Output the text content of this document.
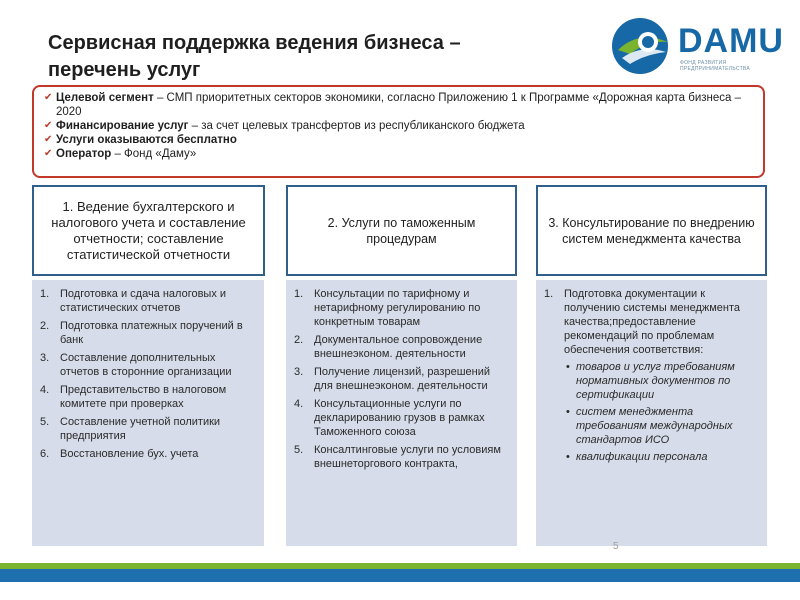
Сервисная поддержка ведения бизнеса –
перечень услуг
DAMU
ФОНД РАЗВИТИЯ ПРЕДПРИНИМАТЕЛЬСТВА
✔ Целевой сегмент – СМП приоритетных секторов экономики, согласно Приложению 1 к Программе «Дорожная карта бизнеса – 2020
✔ Финансирование услуг – за счет целевых трансфертов из республиканского бюджета
✔ Услуги оказываются бесплатно
✔ Оператор – Фонд «Даму»
1. Ведение бухгалтерского и налогового учета и составление отчетности; составление статистической отчетности
2. Услуги по таможенным процедурам
3. Консультирование по внедрению систем менеджмента качества
1. Подготовка и сдача налоговых и статистических отчетов
2. Подготовка платежных поручений в банк
3. Составление дополнительных отчетов в сторонние организации
4. Представительство в налоговом комитете при проверках
5. Составление учетной политики предприятия
6. Восстановление бух. учета
1. Консультации по тарифному и нетарифному регулированию по конкретным товарам
2. Документальное сопровождение внешнеэконом. деятельности
3. Получение лицензий, разрешений для внешнеэконом. деятельности
4. Консультационные услуги по декларированию грузов в рамках Таможенного союза
5. Консалтинговые услуги по условиям внешнеторгового контракта,
1. Подготовка документации к получению системы менеджмента качества;предоставление рекомендаций по проблемам обеспечения соответствия:
• товаров и услуг требованиям нормативных документов по сертификации
• систем менеджмента требованиям международных стандартов ИСО
• квалификации персонала
5
